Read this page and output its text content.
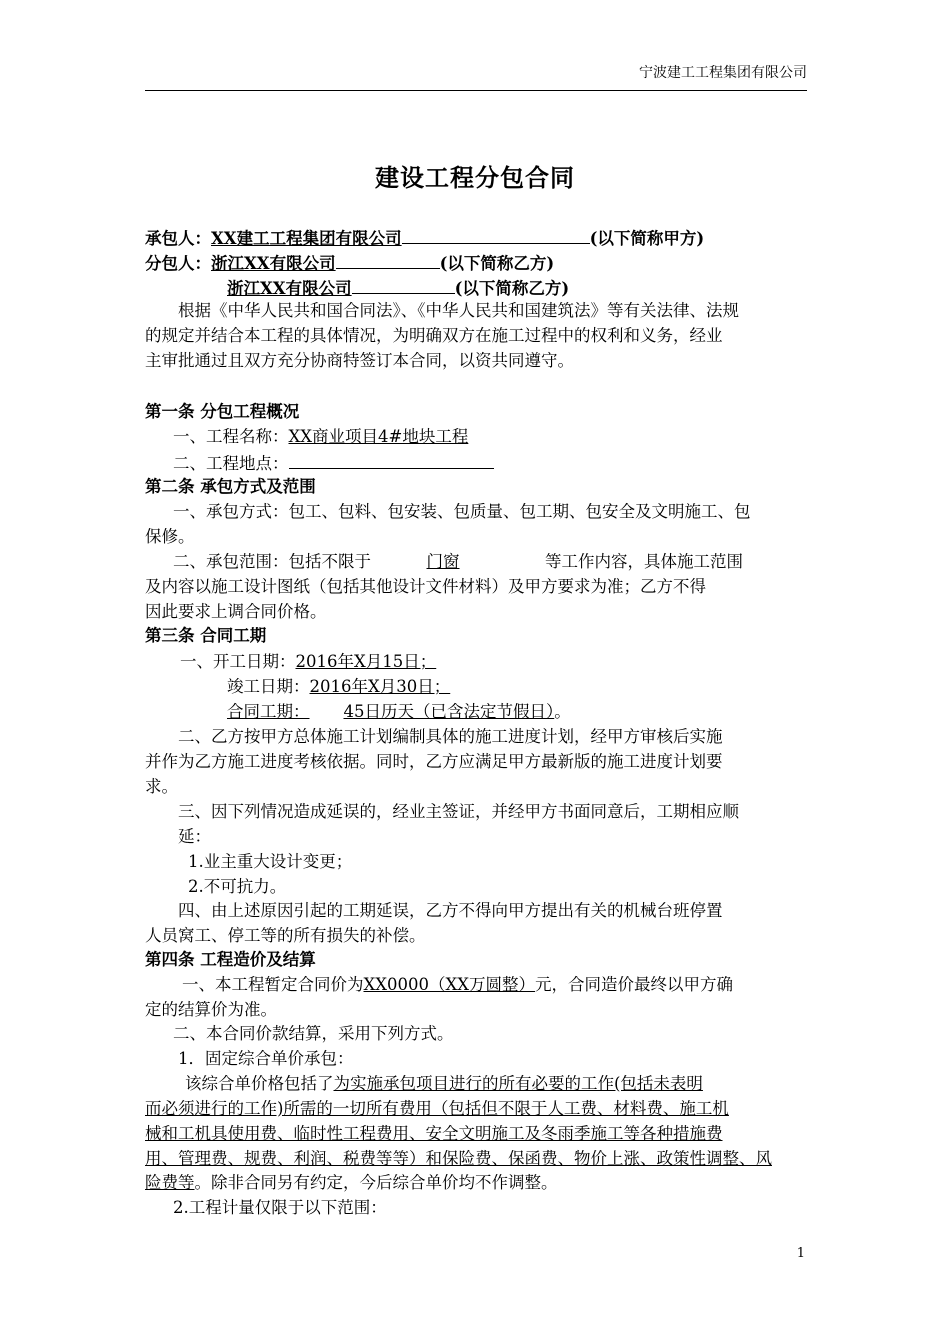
宁波建工工程集团有限公司
建设工程分包合同
承包人：XX建工工程集团有限公司	(以下简称甲方)
分包人：浙江XX有限公司	(以下简称乙方)
浙江XX有限公司	(以下简称乙方)
根据《中华人民共和国合同法》、《中华人民共和国建筑法》等有关法律、法规
的规定并结合本工程的具体情况，为明确双方在施工过程中的权利和义务，经业
主审批通过且双方充分协商特签订本合同，以资共同遵守。
第一条 分包工程概况
一、工程名称：XX商业项目4#地块工程
二、工程地点：
第二条 承包方式及范围
一、承包方式：包工、包料、包安装、包质量、包工期、包安全及文明施工、包
保修。
二、承包范围：包括不限于	门窗	等工作内容，具体施工范围
及内容以施工设计图纸（包括其他设计文件材料）及甲方要求为准；乙方不得
因此要求上调合同价格。
第三条 合同工期
一、开工日期：2016年X月15日；
竣工日期：2016年X月30日；
合同工期： 45日历天（已含法定节假日）。
二、乙方按甲方总体施工计划编制具体的施工进度计划，经甲方审核后实施
并作为乙方施工进度考核依据。同时，乙方应满足甲方最新版的施工进度计划要
求。
三、因下列情况造成延误的，经业主签证，并经甲方书面同意后，工期相应顺
延：
1.业主重大设计变更；
2.不可抗力。
四、由上述原因引起的工期延误，乙方不得向甲方提出有关的机械台班停置
人员窝工、停工等的所有损失的补偿。
第四条 工程造价及结算
一、本工程暂定合同价为XX0000（XX万圆整）元，合同造价最终以甲方确
定的结算价为准。
二、本合同价款结算，采用下列方式。
1．固定综合单价承包：
该综合单价格包括了为实施承包项目进行的所有必要的工作(包括未表明
而必须进行的工作)所需的一切所有费用（包括但不限于人工费、材料费、施工机
械和工机具使用费、临时性工程费用、安全文明施工及冬雨季施工等各种措施费
用、管理费、规费、利润、税费等等）和保险费、保函费、物价上涨、政策性调整、风
险费等。除非合同另有约定，今后综合单价均不作调整。
2.工程计量仅限于以下范围：
1
